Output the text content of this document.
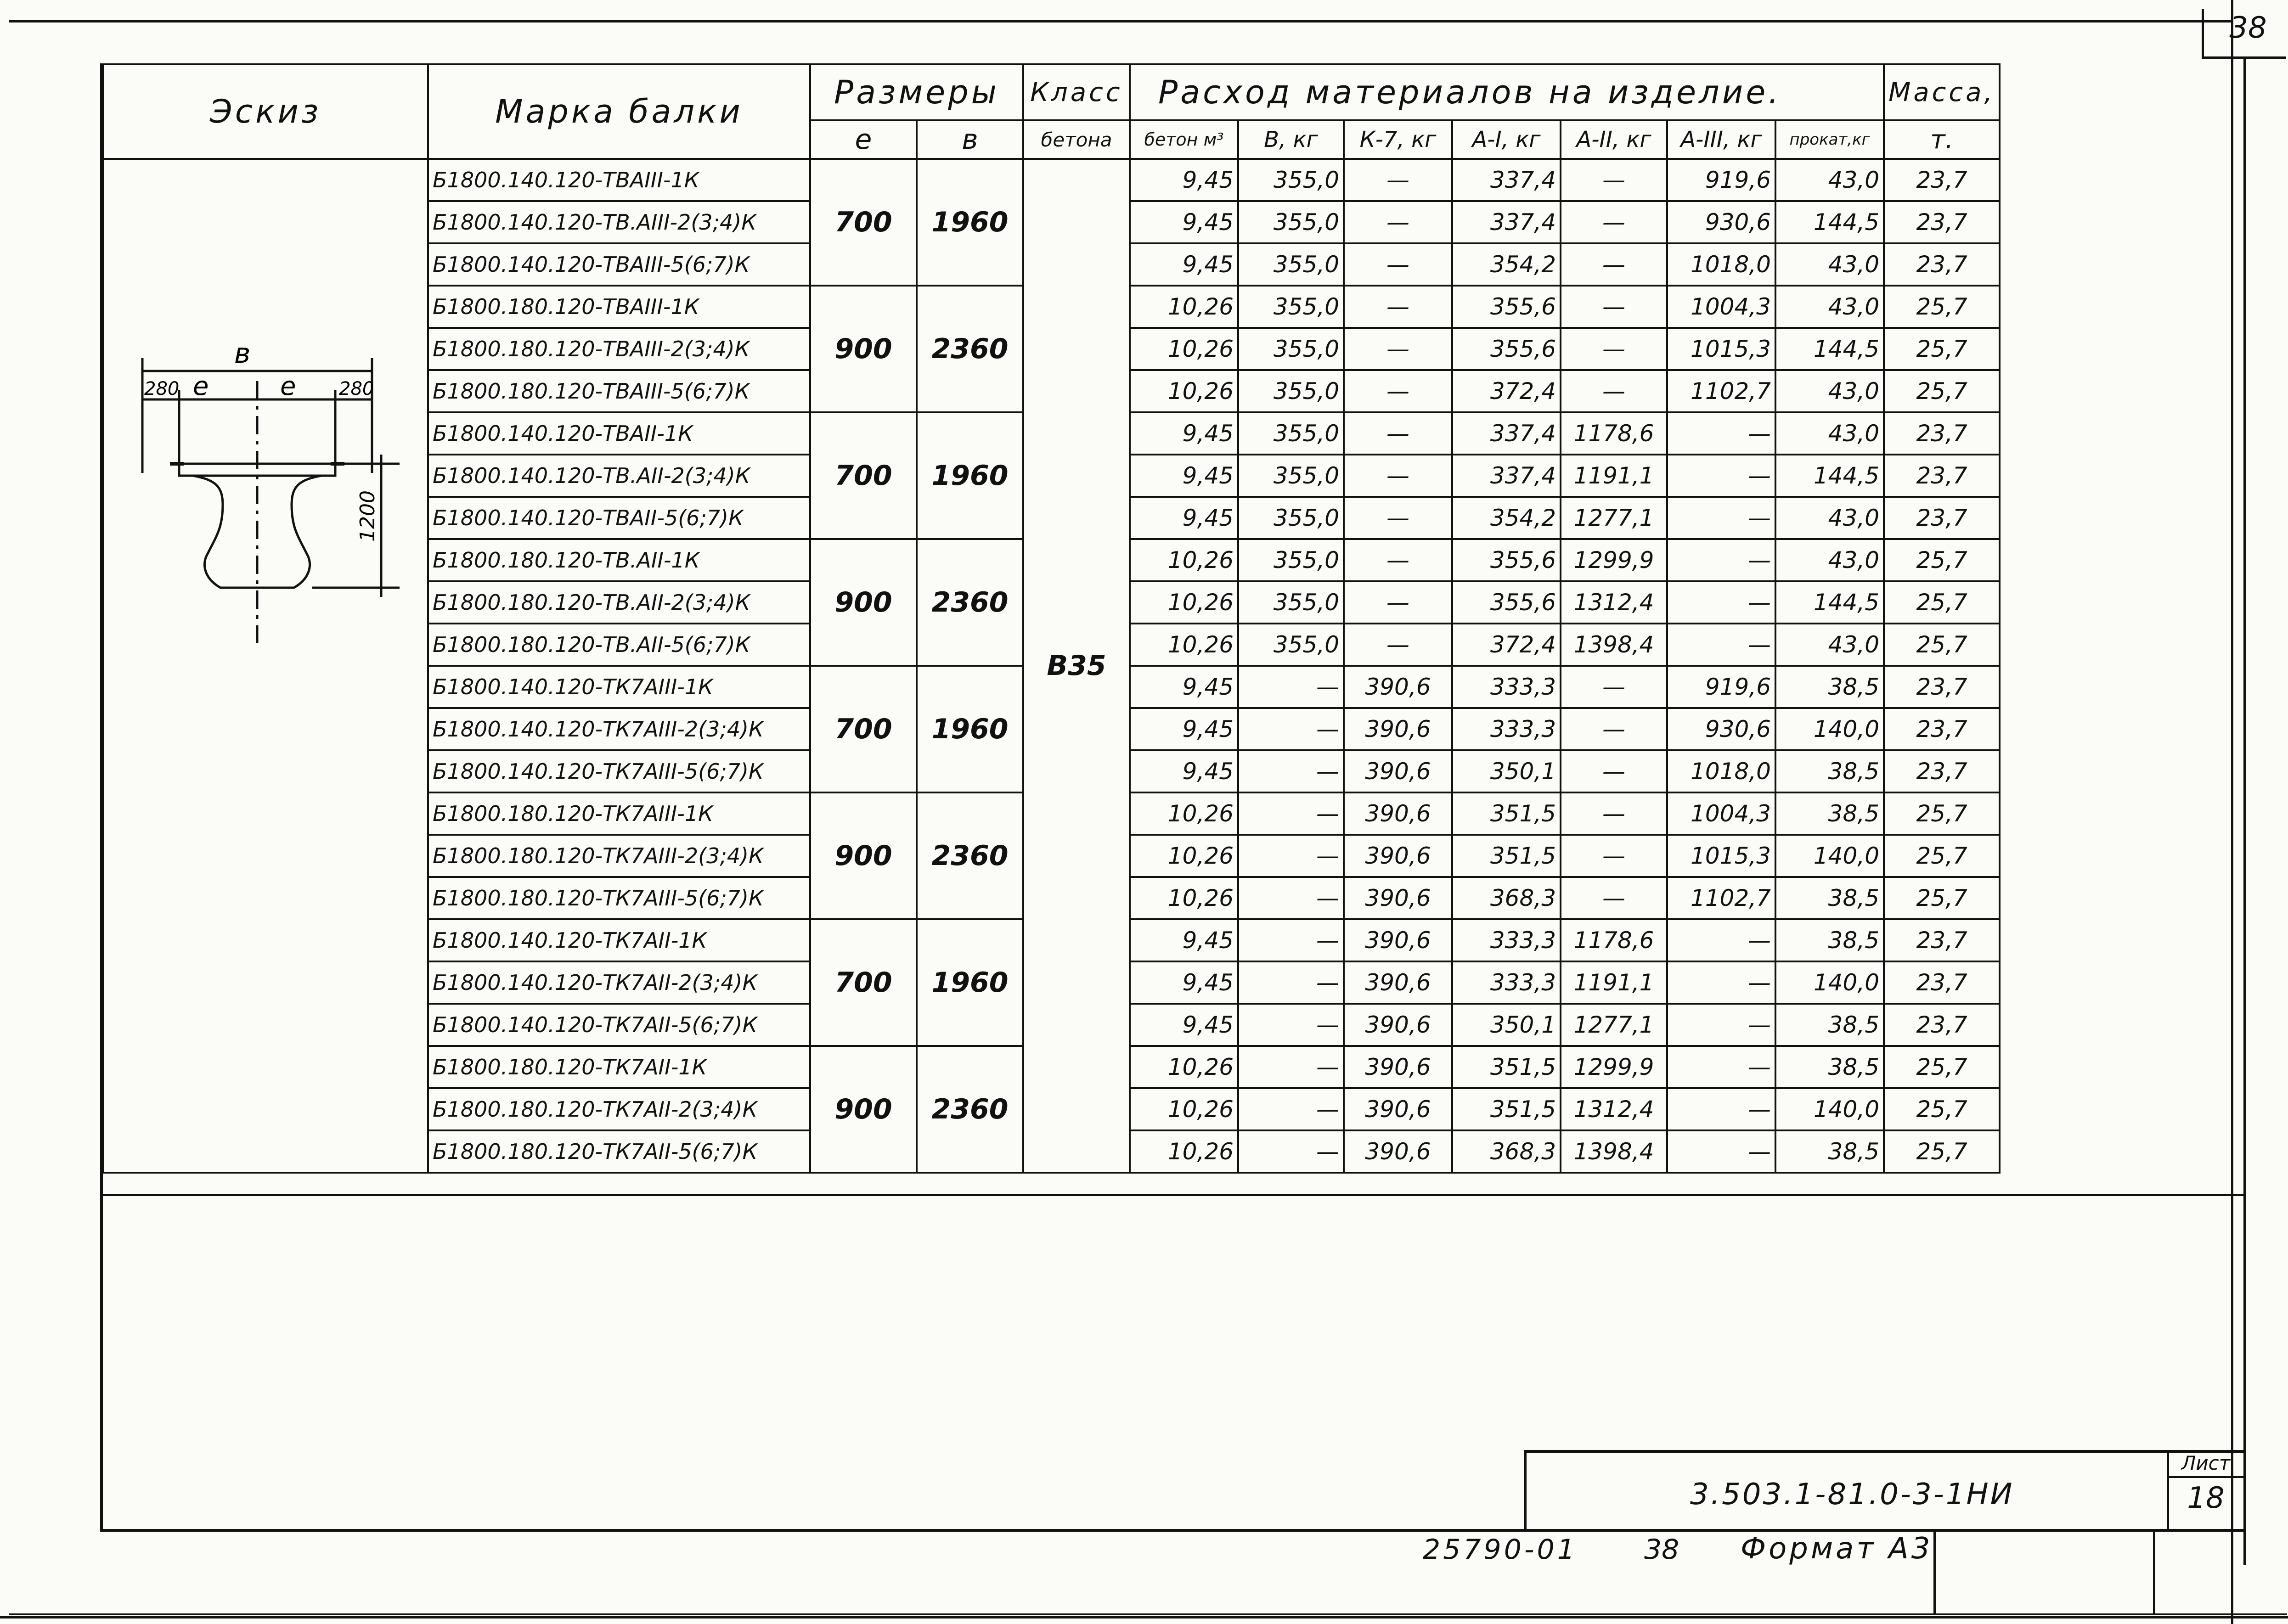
38
Эскиз	Марка балки	Размеры		Класс	Расход материалов на изделие.							Масса,
		е	в	бетона	бетон м³	В, кг	К-7, кг	А-I, кг	А-II, кг	А-III, кг	прокат,кг	т.
	Б1800.140.120-ТВАIII-1К	700	1960	В35	9,45	355,0	—	337,4	—	919,6	43,0	23,7
	Б1800.140.120-ТВ.АIII-2(3;4)К				9,45	355,0	—	337,4	—	930,6	144,5	23,7
	Б1800.140.120-ТВАIII-5(6;7)К				9,45	355,0	—	354,2	—	1018,0	43,0	23,7
	Б1800.180.120-ТВАIII-1К	900	2360		10,26	355,0	—	355,6	—	1004,3	43,0	25,7
	Б1800.180.120-ТВАIII-2(3;4)К				10,26	355,0	—	355,6	—	1015,3	144,5	25,7
	Б1800.180.120-ТВАIII-5(6;7)К				10,26	355,0	—	372,4	—	1102,7	43,0	25,7
	Б1800.140.120-ТВАII-1К	700	1960		9,45	355,0	—	337,4	1178,6	—	43,0	23,7
	Б1800.140.120-ТВ.АII-2(3;4)К				9,45	355,0	—	337,4	1191,1	—	144,5	23,7
	Б1800.140.120-ТВАII-5(6;7)К				9,45	355,0	—	354,2	1277,1	—	43,0	23,7
	Б1800.180.120-ТВ.АII-1К	900	2360		10,26	355,0	—	355,6	1299,9	—	43,0	25,7
	Б1800.180.120-ТВ.АII-2(3;4)К				10,26	355,0	—	355,6	1312,4	—	144,5	25,7
	Б1800.180.120-ТВ.АII-5(6;7)К				10,26	355,0	—	372,4	1398,4	—	43,0	25,7
	Б1800.140.120-ТК7АIII-1К	700	1960		9,45	—	390,6	333,3	—	919,6	38,5	23,7
	Б1800.140.120-ТК7АIII-2(3;4)К				9,45	—	390,6	333,3	—	930,6	140,0	23,7
	Б1800.140.120-ТК7АIII-5(6;7)К				9,45	—	390,6	350,1	—	1018,0	38,5	23,7
	Б1800.180.120-ТК7АIII-1К	900	2360		10,26	—	390,6	351,5	—	1004,3	38,5	25,7
	Б1800.180.120-ТК7АIII-2(3;4)К				10,26	—	390,6	351,5	—	1015,3	140,0	25,7
	Б1800.180.120-ТК7АIII-5(6;7)К				10,26	—	390,6	368,3	—	1102,7	38,5	25,7
	Б1800.140.120-ТК7АII-1К	700	1960		9,45	—	390,6	333,3	1178,6	—	38,5	23,7
	Б1800.140.120-ТК7АII-2(3;4)К				9,45	—	390,6	333,3	1191,1	—	140,0	23,7
	Б1800.140.120-ТК7АII-5(6;7)К				9,45	—	390,6	350,1	1277,1	—	38,5	23,7
	Б1800.180.120-ТК7АII-1К	900	2360		10,26	—	390,6	351,5	1299,9	—	38,5	25,7
	Б1800.180.120-ТК7АII-2(3;4)К				10,26	—	390,6	351,5	1312,4	—	140,0	25,7
	Б1800.180.120-ТК7АII-5(6;7)К				10,26	—	390,6	368,3	1398,4	—	38,5	25,7
Лист
18
3.503.1-81.0-3-1НИ
25790-01 38 Формат А3
в
280 е	е 280
1200
